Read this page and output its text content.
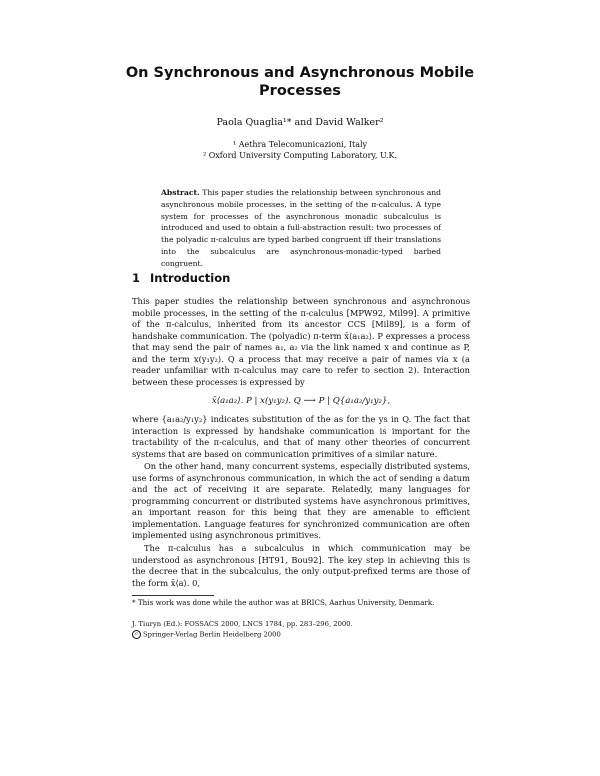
On Synchronous and Asynchronous Mobile
Processes
Paola Quaglia¹* and David Walker²
¹ Aethra Telecomunicazioni, Italy
² Oxford University Computing Laboratory, U.K.
Abstract. This paper studies the relationship between synchronous and asynchronous mobile processes, in the setting of the π-calculus. A type system for processes of the asynchronous monadic subcalculus is introduced and used to obtain a full-abstraction result: two processes of the polyadic π-calculus are typed barbed congruent iff their translations into the subcalculus are asynchronous-monadic-typed barbed congruent.
1 Introduction
This paper studies the relationship between synchronous and asynchronous mobile processes, in the setting of the π-calculus [MPW92, Mil99]. A primitive of the π-calculus, inherited from its ancestor CCS [Mil89], is a form of handshake communication. The (polyadic) π-term x̄⟨a₁a₂⟩. P expresses a process that may send the pair of names a₁, a₂ via the link named x and continue as P, and the term x(y₁y₂). Q a process that may receive a pair of names via x (a reader unfamiliar with π-calculus may care to refer to section 2). Interaction between these processes is expressed by
x̄⟨a₁a₂⟩. P | x(y₁y₂). Q ⟶ P | Q{a₁a₂/y₁y₂},
where {a₁a₂/y₁y₂} indicates substitution of the as for the ys in Q. The fact that interaction is expressed by handshake communication is important for the tractability of the π-calculus, and that of many other theories of concurrent systems that are based on communication primitives of a similar nature.
On the other hand, many concurrent systems, especially distributed systems, use forms of asynchronous communication, in which the act of sending a datum and the act of receiving it are separate. Relatedly, many languages for programming concurrent or distributed systems have asynchronous primitives, an important reason for this being that they are amenable to efficient implementation. Language features for synchronized communication are often implemented using asynchronous primitives.
* This work was done while the author was at BRICS, Aarhus University, Denmark.
J. Tiuryn (Ed.): FOSSACS 2000, LNCS 1784, pp. 283–296, 2000.
c Springer-Verlag Berlin Heidelberg 2000
The π-calculus has a subcalculus in which communication may be understood as asynchronous [HT91, Bou92]. The key step in achieving this is the decree that in the subcalculus, the only output-prefixed terms are those of the form x̄⟨a⟩. 0,
